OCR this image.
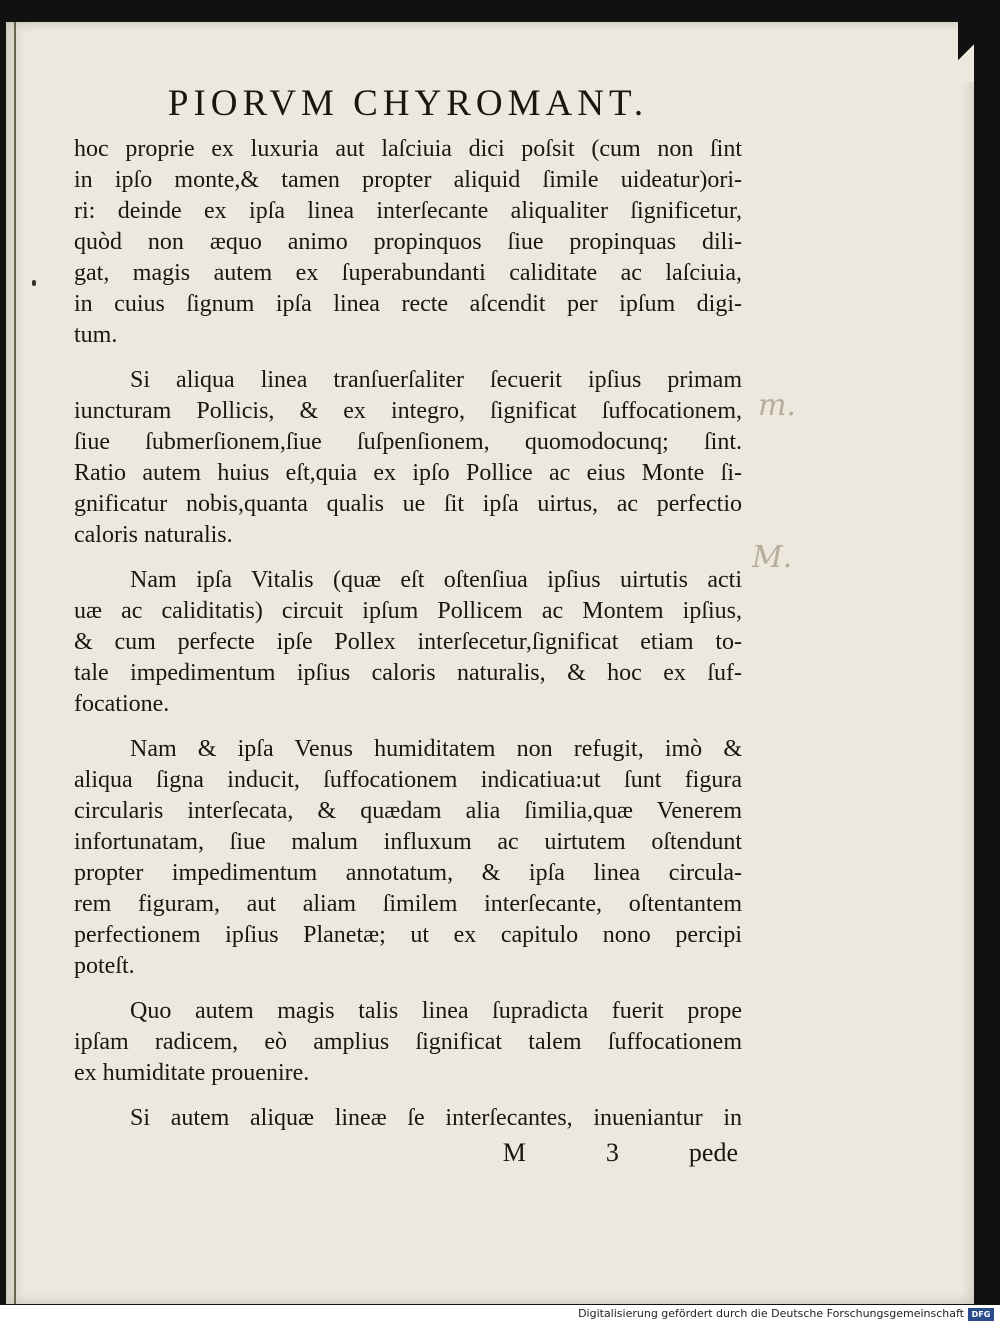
PIORVM CHYROMANT.
hoc proprie ex luxuria aut laſciuia dici poſsit (cum non ſint
in ipſo monte,& tamen propter aliquid ſimile uideatur)ori-
ri: deinde ex ipſa linea interſecante aliqualiter ſignificetur,
quòd non æquo animo propinquos ſiue propinquas dili-
gat, magis autem ex ſuperabundanti caliditate ac laſciuia,
in cuius ſignum ipſa linea recte aſcendit per ipſum digi-
tum.
Si aliqua linea tranſuerſaliter ſecuerit ipſius primam
iuncturam Pollicis, & ex integro, ſignificat ſuffocationem,
ſiue ſubmerſionem,ſiue ſuſpenſionem, quomodocunq; ſint.
Ratio autem huius eſt,quia ex ipſo Pollice ac eius Monte ſi-
gnificatur nobis,quanta qualis ue ſit ipſa uirtus, ac perfectio
caloris naturalis.
Nam ipſa Vitalis (quæ eſt oſtenſiua ipſius uirtutis acti
uæ ac caliditatis) circuit ipſum Pollicem ac Montem ipſius,
& cum perfecte ipſe Pollex interſecetur,ſignificat etiam to-
tale impedimentum ipſius caloris naturalis, & hoc ex ſuf-
focatione.
Nam & ipſa Venus humiditatem non refugit, imò &
aliqua ſigna inducit, ſuffocationem indicatiua:ut ſunt figura
circularis interſecata, & quædam alia ſimilia,quæ Venerem
infortunatam, ſiue malum influxum ac uirtutem oſtendunt
propter impedimentum annotatum, & ipſa linea circula-
rem figuram, aut aliam ſimilem interſecante, oſtentantem
perfectionem ipſius Planetæ; ut ex capitulo nono percipi
poteſt.
Quo autem magis talis linea ſupradicta fuerit prope
ipſam radicem, eò amplius ſignificat talem ſuffocationem
ex humiditate prouenire.
Si autem aliquæ lineæ ſe interſecantes, inueniantur in
M	3	pede
m.
M.
Digitalisierung gefördert durch die Deutsche Forschungsgemeinschaft DFG
